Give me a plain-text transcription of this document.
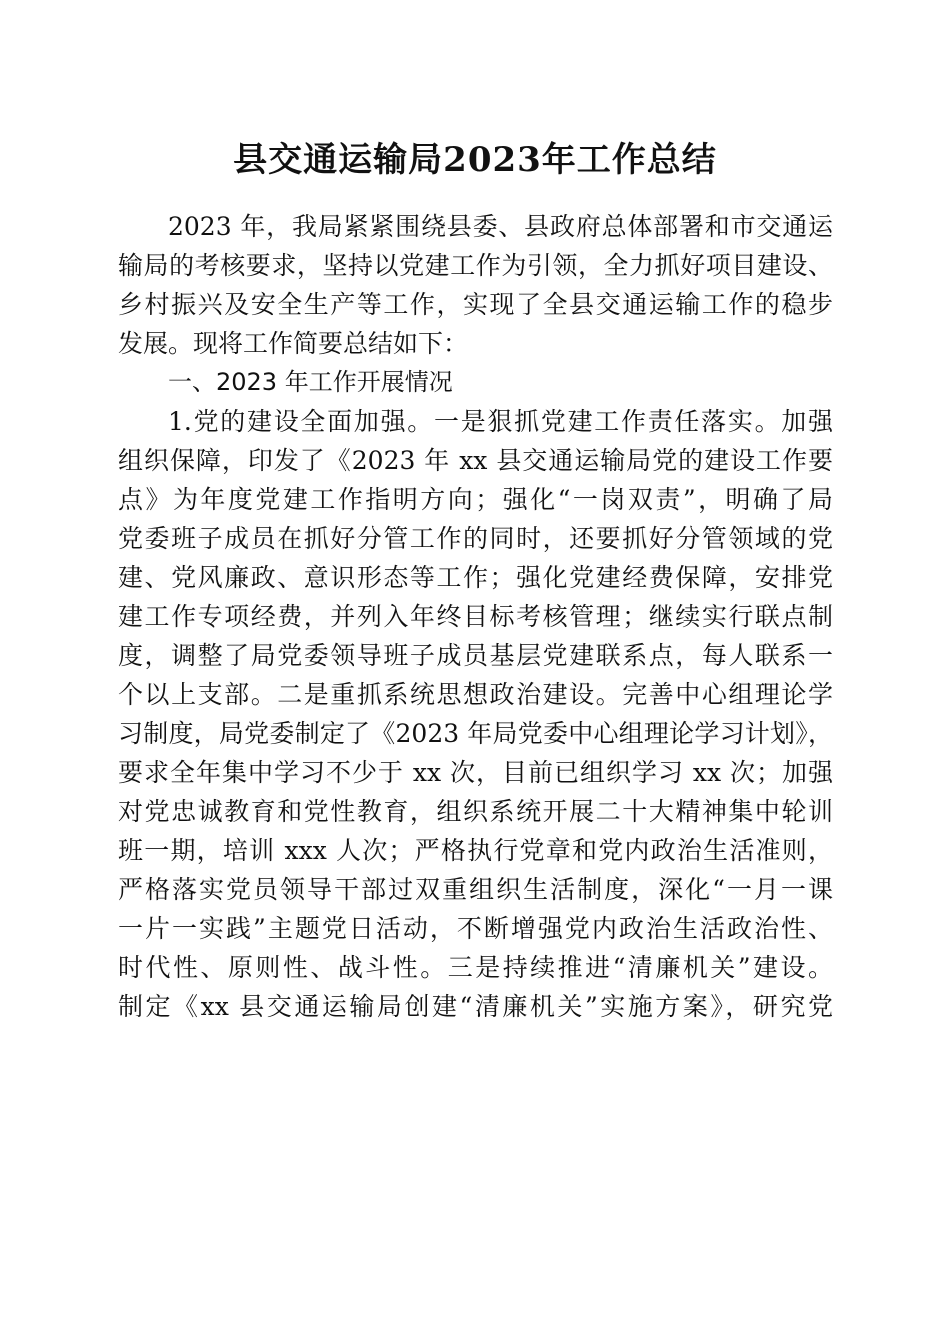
县交通运输局2023年工作总结
2023 年，我局紧紧围绕县委、县政府总体部署和市交通运
输局的考核要求，坚持以党建工作为引领，全力抓好项目建设、
乡村振兴及安全生产等工作，实现了全县交通运输工作的稳步
发展。现将工作简要总结如下：
一、2023 年工作开展情况
1.党的建设全面加强。一是狠抓党建工作责任落实。加强
组织保障，印发了《2023 年 xx 县交通运输局党的建设工作要
点》为年度党建工作指明方向；强化“一岗双责”，明确了局
党委班子成员在抓好分管工作的同时，还要抓好分管领域的党
建、党风廉政、意识形态等工作；强化党建经费保障，安排党
建工作专项经费，并列入年终目标考核管理；继续实行联点制
度，调整了局党委领导班子成员基层党建联系点，每人联系一
个以上支部。二是重抓系统思想政治建设。完善中心组理论学
习制度，局党委制定了《2023 年局党委中心组理论学习计划》，
要求全年集中学习不少于 xx 次，目前已组织学习 xx 次；加强
对党忠诚教育和党性教育，组织系统开展二十大精神集中轮训
班一期，培训 xxx 人次；严格执行党章和党内政治生活准则，
严格落实党员领导干部过双重组织生活制度，深化“一月一课
一片一实践”主题党日活动，不断增强党内政治生活政治性、
时代性、原则性、战斗性。三是持续推进“清廉机关”建设。
制定《xx 县交通运输局创建“清廉机关”实施方案》，研究党
